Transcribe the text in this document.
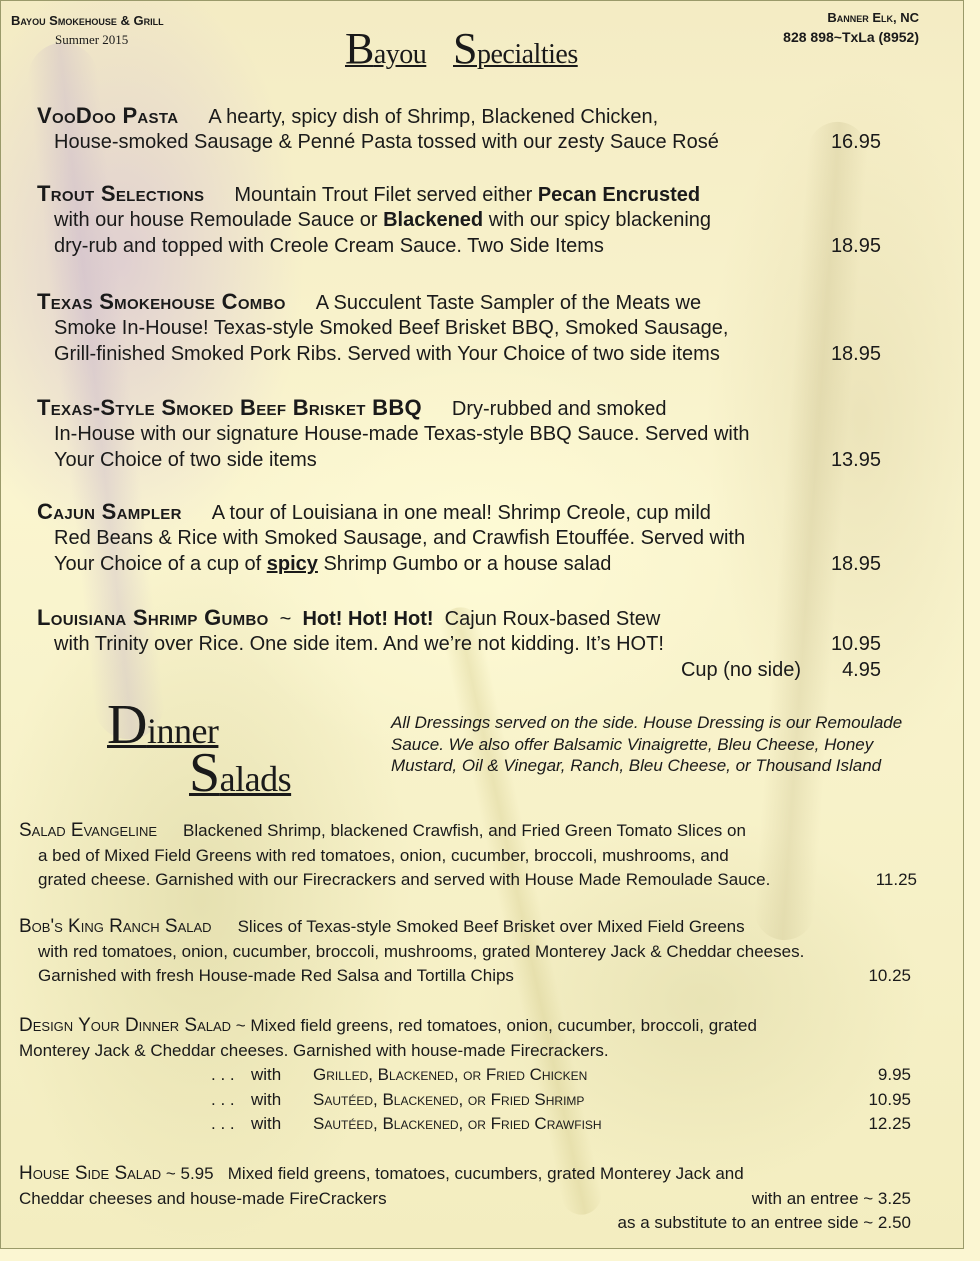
Bayou Smokehouse & Grill
Summer 2015
Banner Elk, NC
828 898~TxLa (8952)
Bayou Specialties
VooDoo Pasta A hearty, spicy dish of Shrimp, Blackened Chicken,
House-smoked Sausage & Penné Pasta tossed with our zesty Sauce Rosé	16.95
Trout Selections Mountain Trout Filet served either Pecan Encrusted
with our house Remoulade Sauce or Blackened with our spicy blackening
dry-rub and topped with Creole Cream Sauce. Two Side Items	18.95
Texas Smokehouse Combo A Succulent Taste Sampler of the Meats we
Smoke In-House! Texas-style Smoked Beef Brisket BBQ, Smoked Sausage,
Grill-finished Smoked Pork Ribs. Served with Your Choice of two side items	18.95
Texas-Style Smoked Beef Brisket BBQ Dry-rubbed and smoked
In-House with our signature House-made Texas-style BBQ Sauce. Served with
Your Choice of two side items	13.95
Cajun Sampler A tour of Louisiana in one meal! Shrimp Creole, cup mild
Red Beans & Rice with Smoked Sausage, and Crawfish Etouffée. Served with
Your Choice of a cup of spicy Shrimp Gumbo or a house salad	18.95
Louisiana Shrimp Gumbo ~ Hot! Hot! Hot! Cajun Roux-based Stew
with Trinity over Rice. One side item. And we’re not kidding. It’s HOT!	10.95
Cup (no side) 4.95
Dinner
Salads
All Dressings served on the side. House Dressing is our Remoulade Sauce. We also offer Balsamic Vinaigrette, Bleu Cheese, Honey Mustard, Oil & Vinegar, Ranch, Bleu Cheese, or Thousand Island
Salad Evangeline Blackened Shrimp, blackened Crawfish, and Fried Green Tomato Slices on
a bed of Mixed Field Greens with red tomatoes, onion, cucumber, broccoli, mushrooms, and
grated cheese. Garnished with our Firecrackers and served with House Made Remoulade Sauce.	11.25
Bob's King Ranch Salad Slices of Texas-style Smoked Beef Brisket over Mixed Field Greens
with red tomatoes, onion, cucumber, broccoli, mushrooms, grated Monterey Jack & Cheddar cheeses.
Garnished with fresh House-made Red Salsa and Tortilla Chips	10.25
Design Your Dinner Salad ~ Mixed field greens, red tomatoes, onion, cucumber, broccoli, grated
Monterey Jack & Cheddar cheeses. Garnished with house-made Firecrackers.
. . . with Grilled, Blackened, or Fried Chicken	9.95
. . . with Sautéed, Blackened, or Fried Shrimp	10.95
. . . with Sautéed, Blackened, or Fried Crawfish	12.25
House Side Salad ~ 5.95 Mixed field greens, tomatoes, cucumbers, grated Monterey Jack and
Cheddar cheeses and house-made FireCrackers	with an entree ~ 3.25
as a substitute to an entree side ~ 2.50
